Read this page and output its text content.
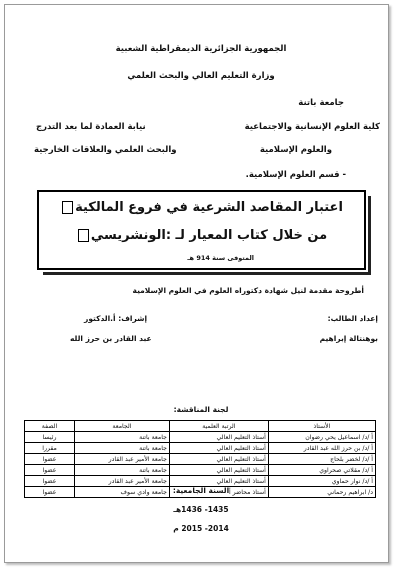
الجمهورية الجزائرية الديمقراطية الشعبية
وزارة التعليم العالي والبحث العلمي
جامعة باتنة
كلية العلوم الإنسانية والاجتماعية
والعلوم الإسلامية
- قسم العلوم الإسلامية.
نيابة العمادة لما بعد التدرج
والبحث العلمي والعلاقات الخارجية
اعتبار المقاصد الشرعية في فروع المالكية
من خلال كتاب المعيار لـ :الونشريسي
المتوفى سنة 914 هـ
أطروحة مقدمة لنيل شهادة دكتوراه العلوم في العلوم الإسلامية
إعداد الطالب:
إشراف: أ.الدكتور
بوهنتالة إبراهيم
عبد القادر بن حرز الله
لجنة المناقشة:
الأستاذ	الرتبة العلمية	الجامعة	الصفة
أ /د/ اسماعيل يحي رضوان	أستاذ التعليم العالي	جامعة باتنة	رئيسا
أ /د/ بن حرز الله عبد القادر	أستاذ التعليم العالي	جامعة باتنة	مقررا
أ /د/ لخضر بلحاج	أستاذ التعليم العالي	جامعة الأمير عبد القادر	عضوا
أ /د/ مقلاتي صحراوي	أستاذ التعليم العالي	جامعة باتنة	عضوا
أ /د/ نوار حماوي	أستاذ التعليم العالي	جامعة الأمير عبد القادر	عضوا
د/ ابراهيم رحماني	أستاذ محاضر أ	جامعة وادي سوف	عضوا	السنة الجامعية:
1435- 1436هـ
2014- 2015 م
